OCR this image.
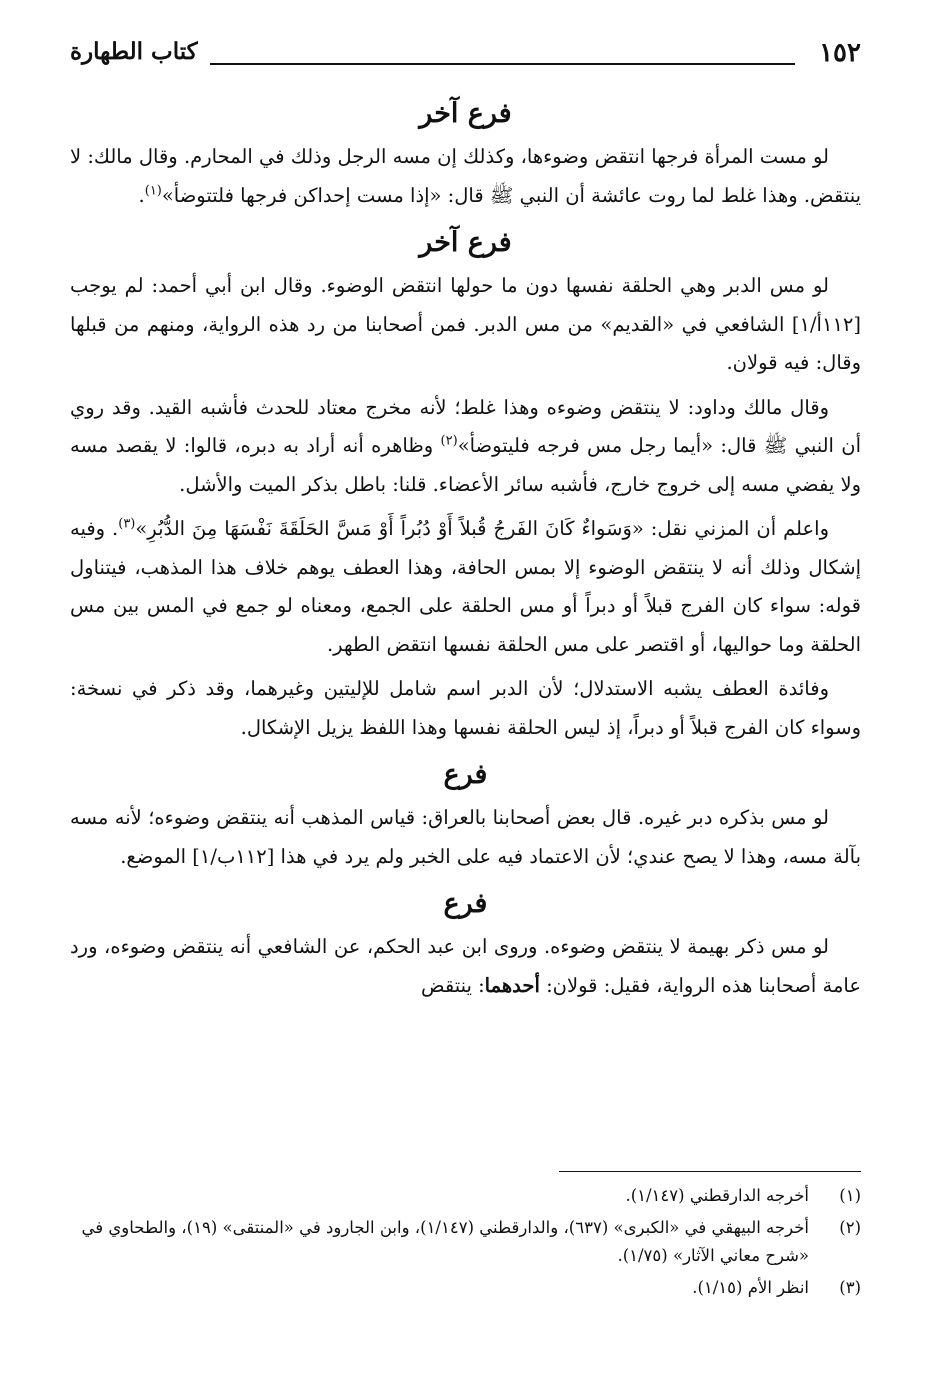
١٥٢
كتاب الطهارة
فرع آخر

لو مست المرأة فرجها انتقض وضوءها، وكذلك إن مسه الرجل وذلك في المحارم. وقال مالك: لا ينتقض. وهذا غلط لما روت عائشة أن النبي ﷺ قال: «إذا مست إحداكن فرجها فلتتوضأ»$^{(١)}$.

فرع آخر

لو مس الدبر وهي الحلقة نفسها دون ما حولها انتقض الوضوء. وقال ابن أبي أحمد: لم يوجب [١١٢أ/١] الشافعي في «القديم» من مس الدبر. فمن أصحابنا من رد هذه الرواية، ومنهم من قبلها وقال: فيه قولان.

وقال مالك وداود: لا ينتقض وضوءه وهذا غلط؛ لأنه مخرج معتاد للحدث فأشبه القيد. وقد روي أن النبي ﷺ قال: «أيما رجل مس فرجه فليتوضأ»$^{(٢)}$ وظاهره أنه أراد به دبره، قالوا: لا يقصد مسه ولا يفضي مسه إلى خروج خارج، فأشبه سائر الأعضاء. قلنا: باطل بذكر الميت والأشل.

واعلم أن المزني نقل: «وَسَواءٌ كَانَ الفَرجُ قُبلاً أَوْ دُبُراً أَوْ مَسَّ الحَلَقَةَ نَفْسَهَا مِنَ الدُّبُرِ»$^{(٣)}$. وفيه إشكال وذلك أنه لا ينتقض الوضوء إلا بمس الحافة، وهذا العطف يوهم خلاف هذا المذهب، فيتناول قوله: سواء كان الفرج قبلاً أو دبراً أو مس الحلقة على الجمع، ومعناه لو جمع في المس بين مس الحلقة وما حواليها، أو اقتصر على مس الحلقة نفسها انتقض الطهر.

وفائدة العطف يشبه الاستدلال؛ لأن الدبر اسم شامل للإليتين وغيرهما، وقد ذكر في نسخة: وسواء كان الفرج قبلاً أو دبراً، إذ ليس الحلقة نفسها وهذا اللفظ يزيل الإشكال.

فرع

لو مس بذكره دبر غيره. قال بعض أصحابنا بالعراق: قياس المذهب أنه ينتقض وضوءه؛ لأنه مسه بآلة مسه، وهذا لا يصح عندي؛ لأن الاعتماد فيه على الخبر ولم يرد في هذا [١١٢ب/١] الموضع.

فرع

لو مس ذكر بهيمة لا ينتقض وضوءه. وروى ابن عبد الحكم، عن الشافعي أنه ينتقض وضوءه، ورد عامة أصحابنا هذه الرواية، فقيل: قولان: أحدهما: ينتقض

(١)
أخرجه الدارقطني (١/١٤٧).
(٢)
أخرجه البيهقي في «الكبرى» (٦٣٧)، والدارقطني (١/١٤٧)، وابن الجارود في «المنتقى» (١٩)، والطحاوي في «شرح معاني الآثار» (١/٧٥).
(٣)
انظر الأم (١/١٥).
